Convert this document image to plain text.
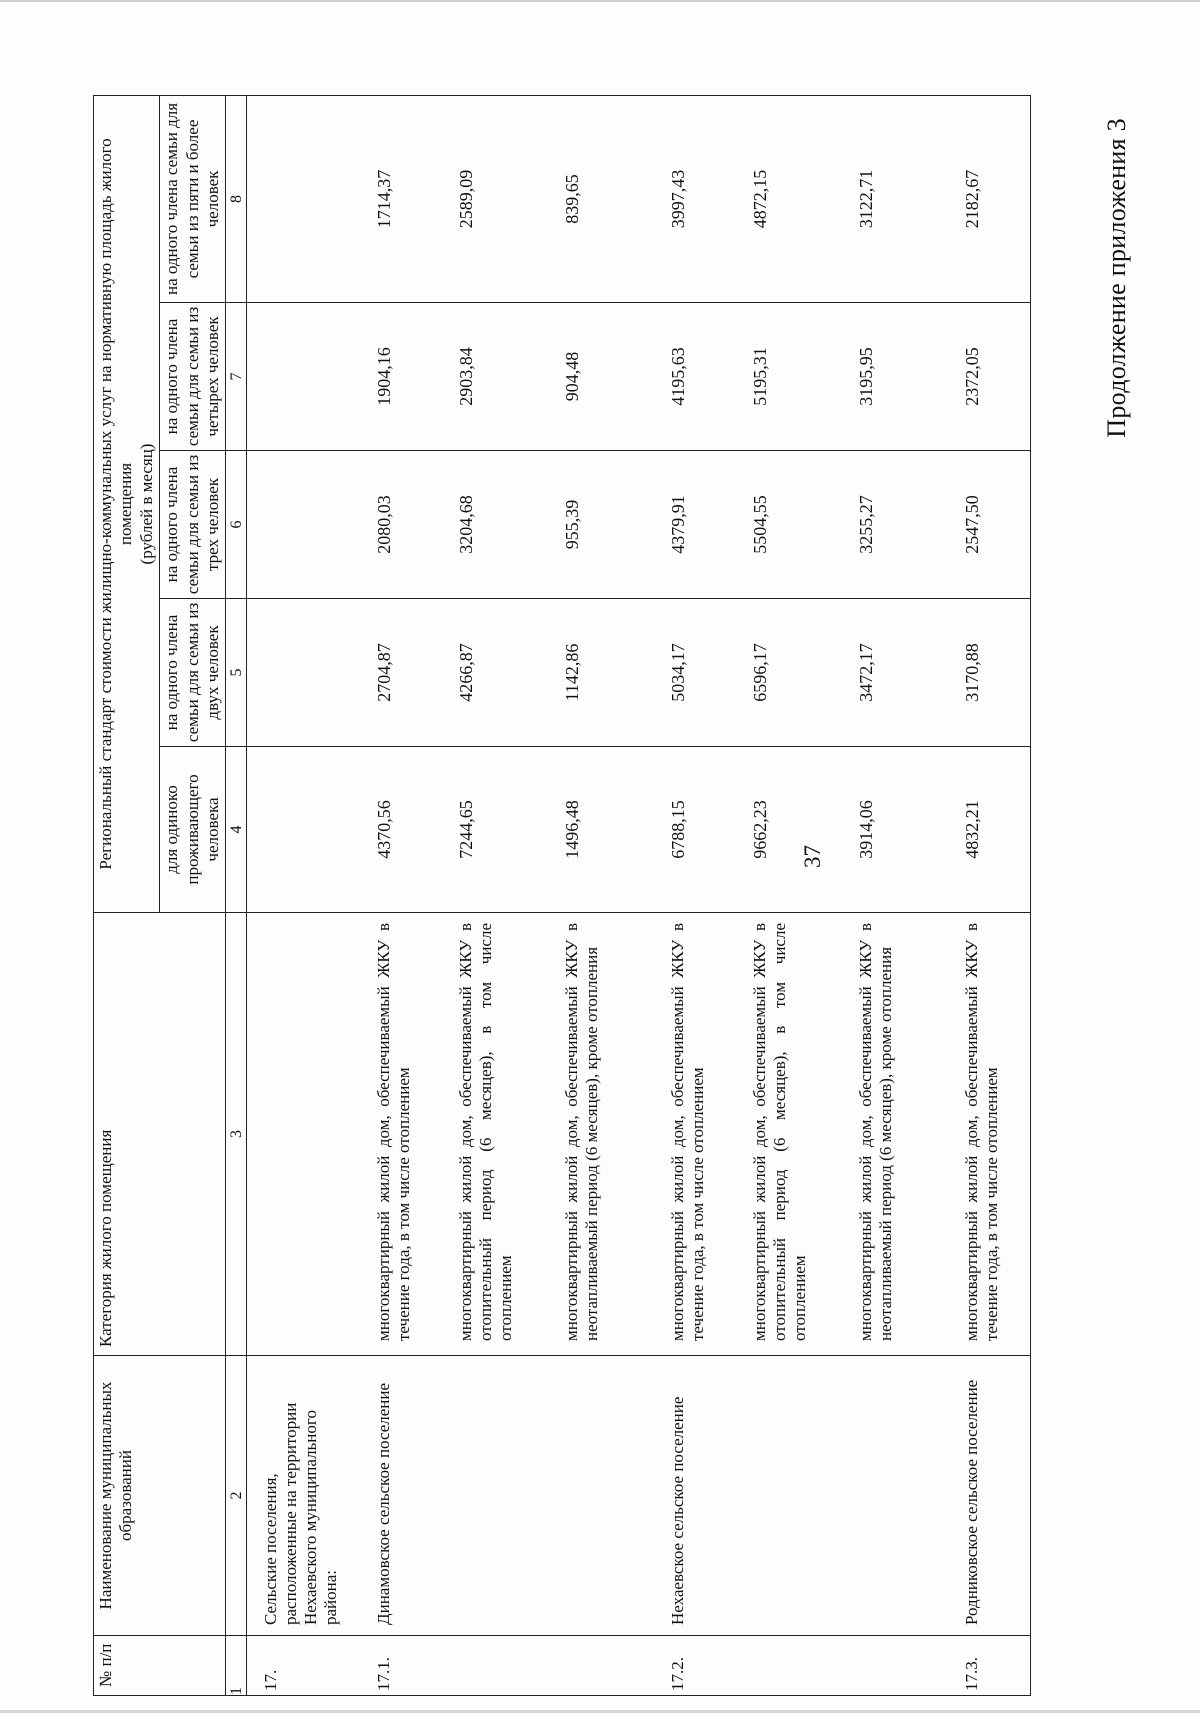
37
Продолжение приложения 3
№ п/п	Наименование муниципальных образований	Категория жилого помещения	Региональный стандарт стоимости жилищно-коммунальных услуг на нормативную площадь жилого помещения
(рублей в месяц)				
			для одиноко проживающего человека	на одного члена семьи для семьи из двух человек	на одного члена семьи для семьи из трех человек	на одного члена семьи для семьи из четырех человек	на одного члена семьи для семьи из пяти и более человек
1	2	3	4	5	6	7	8
17.	Сельские поселения, расположенные на территории Нехаевского муниципального района:						
17.1.	Динамовское сельское поселение	многоквартирный жилой дом, обеспечиваемый ЖКУ в течение года, в том числе отоплением	4370,56	2704,87	2080,03	1904,16	1714,37
		многоквартирный жилой дом, обеспечиваемый ЖКУ в отопительный период (6 месяцев), в том числе отоплением	7244,65	4266,87	3204,68	2903,84	2589,09
		многоквартирный жилой дом, обеспечиваемый ЖКУ в неотапливаемый период (6 месяцев), кроме отопления	1496,48	1142,86	955,39	904,48	839,65
17.2.	Нехаевское сельское поселение	многоквартирный жилой дом, обеспечиваемый ЖКУ в течение года, в том числе отоплением	6788,15	5034,17	4379,91	4195,63	3997,43
		многоквартирный жилой дом, обеспечиваемый ЖКУ в отопительный период (6 месяцев), в том числе отоплением	9662,23	6596,17	5504,55	5195,31	4872,15
		многоквартирный жилой дом, обеспечиваемый ЖКУ в неотапливаемый период (6 месяцев), кроме отопления	3914,06	3472,17	3255,27	3195,95	3122,71
17.3.	Родниковское сельское поселение	многоквартирный жилой дом, обеспечиваемый ЖКУ в течение года, в том числе отоплением	4832,21	3170,88	2547,50	2372,05	2182,67
